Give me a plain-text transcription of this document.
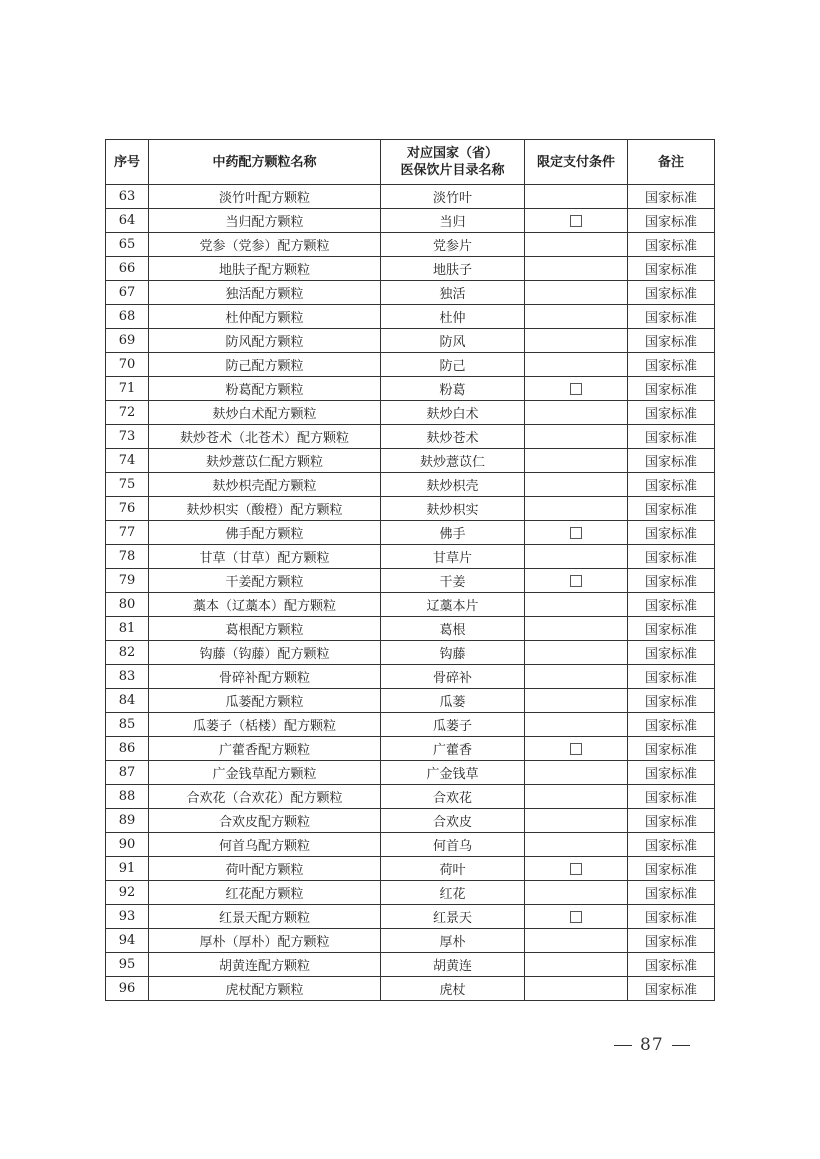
序号	中药配方颗粒名称	对应国家（省）
医保饮片目录名称	限定支付条件	备注
63	淡竹叶配方颗粒	淡竹叶		国家标准
64	当归配方颗粒	当归		国家标准
65	党参（党参）配方颗粒	党参片		国家标准
66	地肤子配方颗粒	地肤子		国家标准
67	独活配方颗粒	独活		国家标准
68	杜仲配方颗粒	杜仲		国家标准
69	防风配方颗粒	防风		国家标准
70	防己配方颗粒	防己		国家标准
71	粉葛配方颗粒	粉葛		国家标准
72	麸炒白术配方颗粒	麸炒白术		国家标准
73	麸炒苍术（北苍术）配方颗粒	麸炒苍术		国家标准
74	麸炒薏苡仁配方颗粒	麸炒薏苡仁		国家标准
75	麸炒枳壳配方颗粒	麸炒枳壳		国家标准
76	麸炒枳实（酸橙）配方颗粒	麸炒枳实		国家标准
77	佛手配方颗粒	佛手		国家标准
78	甘草（甘草）配方颗粒	甘草片		国家标准
79	干姜配方颗粒	干姜		国家标准
80	藁本（辽藁本）配方颗粒	辽藁本片		国家标准
81	葛根配方颗粒	葛根		国家标准
82	钩藤（钩藤）配方颗粒	钩藤		国家标准
83	骨碎补配方颗粒	骨碎补		国家标准
84	瓜蒌配方颗粒	瓜蒌		国家标准
85	瓜蒌子（栝楼）配方颗粒	瓜蒌子		国家标准
86	广藿香配方颗粒	广藿香		国家标准
87	广金钱草配方颗粒	广金钱草		国家标准
88	合欢花（合欢花）配方颗粒	合欢花		国家标准
89	合欢皮配方颗粒	合欢皮		国家标准
90	何首乌配方颗粒	何首乌		国家标准
91	荷叶配方颗粒	荷叶		国家标准
92	红花配方颗粒	红花		国家标准
93	红景天配方颗粒	红景天		国家标准
94	厚朴（厚朴）配方颗粒	厚朴		国家标准
95	胡黄连配方颗粒	胡黄连		国家标准
96	虎杖配方颗粒	虎杖		国家标准
87
